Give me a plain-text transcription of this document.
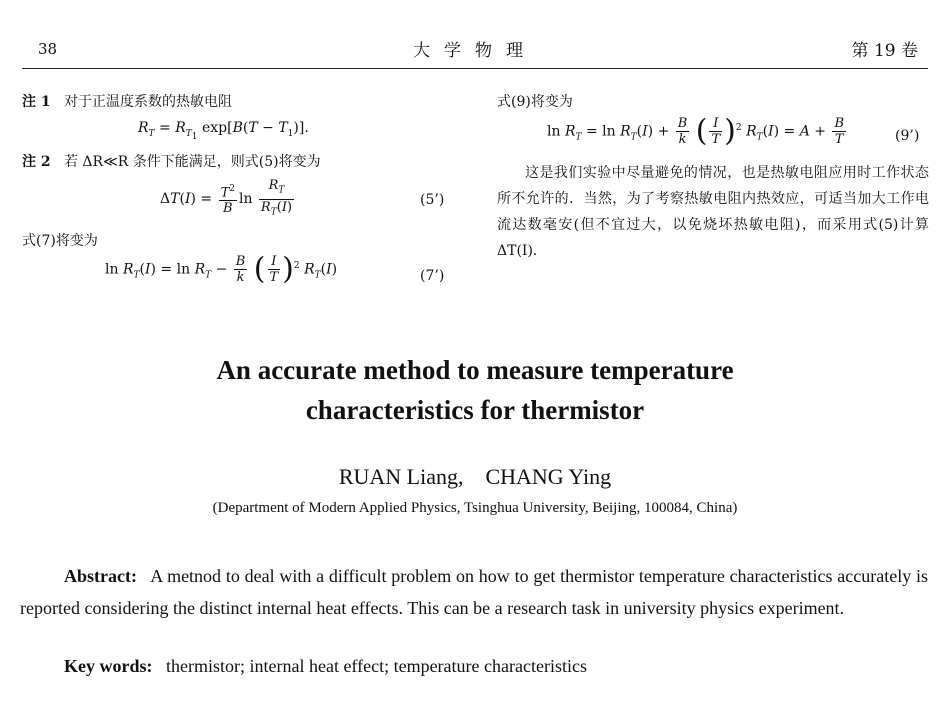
38	大学物理	第 19 卷
注 1 对于正温度系数的热敏电阻
$R_T = R_{T_1}$ $\exp[B(T - T_1)]$.
注 2 若 ΔR≪R 条件下能满足，则式(5)将变为
$\Delta T(I) = \frac{T^2}{B}$ $\ln \frac{R_T}{R_T(I)}$	(5’)
式(7)将变为
$\ln R_T(I) = \ln R_T - \frac{B}{k}$ ( $\frac{I}{T} )^2$ $R_T(I)$	(7’)
式(9)将变为
$\ln R_T = \ln R_T(I) + \frac{B}{k}$ ( $\frac{I}{T} )^2$ $R_T(I) = A + \frac{B}{T}$	(9’)
这是我们实验中尽量避免的情况，也是热敏电阻应用时工作状态所不允许的．当然，为了考察热敏电阻内热效应，可适当加大工作电流达数毫安(但不宜过大，以免烧坏热敏电阻)，而采用式(5)计算 ΔT(I)．
An accurate method to measure temperature
characteristics for thermistor
RUAN Liang,    CHANG Ying
(Department of Modern Applied Physics, Tsinghua University, Beijing, 100084, China)
Abstract: A metnod to deal with a difficult problem on how to get thermistor temperature characteristics accurately is reported considering the distinct internal heat effects. This can be a research task in university physics experiment.
Key words: thermistor; internal heat effect; temperature characteristics
